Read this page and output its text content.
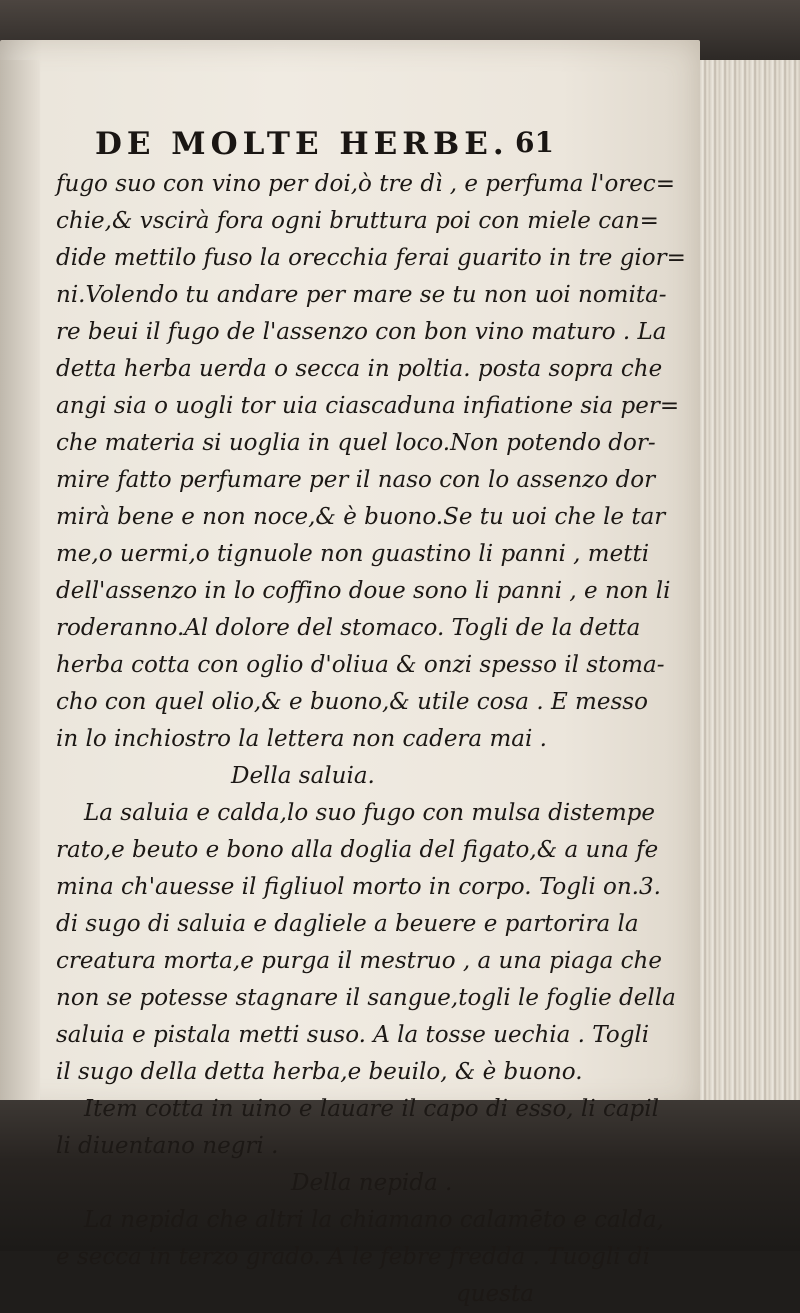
DE MOLTE HERBE. 61
fugo suo con vino per doi,ò tre dì , e perfuma l'orec=
chie,& vscirà fora ogni bruttura poi con miele can=
dide mettilo fuso la orecchia ferai guarito in tre gior=
ni.Volendo tu andare per mare se tu non uoi nomita-
re beui il fugo de l'assenzo con bon vino maturo . La
detta herba uerda o secca in poltia. posta sopra che
angi sia o uogli tor uia ciascaduna infiatione sia per=
che materia si uoglia in quel loco.Non potendo dor-
mire fatto perfumare per il naso con lo assenzo dor
mirà bene e non noce,& è buono.Se tu uoi che le tar
me,o uermi,o tignuole non guastino li panni , metti
dell'assenzo in lo coffino doue sono li panni , e non li
roderanno.Al dolore del stomaco. Togli de la detta
herba cotta con oglio d'oliua & onzi spesso il stoma-
cho con quel olio,& e buono,& utile cosa . E messo
in lo inchiostro la lettera non cadera mai .
Della saluia.
La saluia e calda,lo suo fugo con mulsa distempe
rato,e beuto e bono alla doglia del figato,& a una fe
mina ch'auesse il figliuol morto in corpo. Togli on.3.
di sugo di saluia e dagliele a beuere e partorira la
creatura morta,e purga il mestruo , a una piaga che
non se potesse stagnare il sangue,togli le foglie della
saluia e pistala metti suso. A la tosse uechia . Togli
il sugo della detta herba,e beuilo, & è buono.
Item cotta in uino e lauare il capo di esso, li capil
li diuentano negri .
Della nepida .
La nepida che altri la chiamano calamēto e calda,
e secca in terzo grado. A le febre fredda . Tuogli di
questa
